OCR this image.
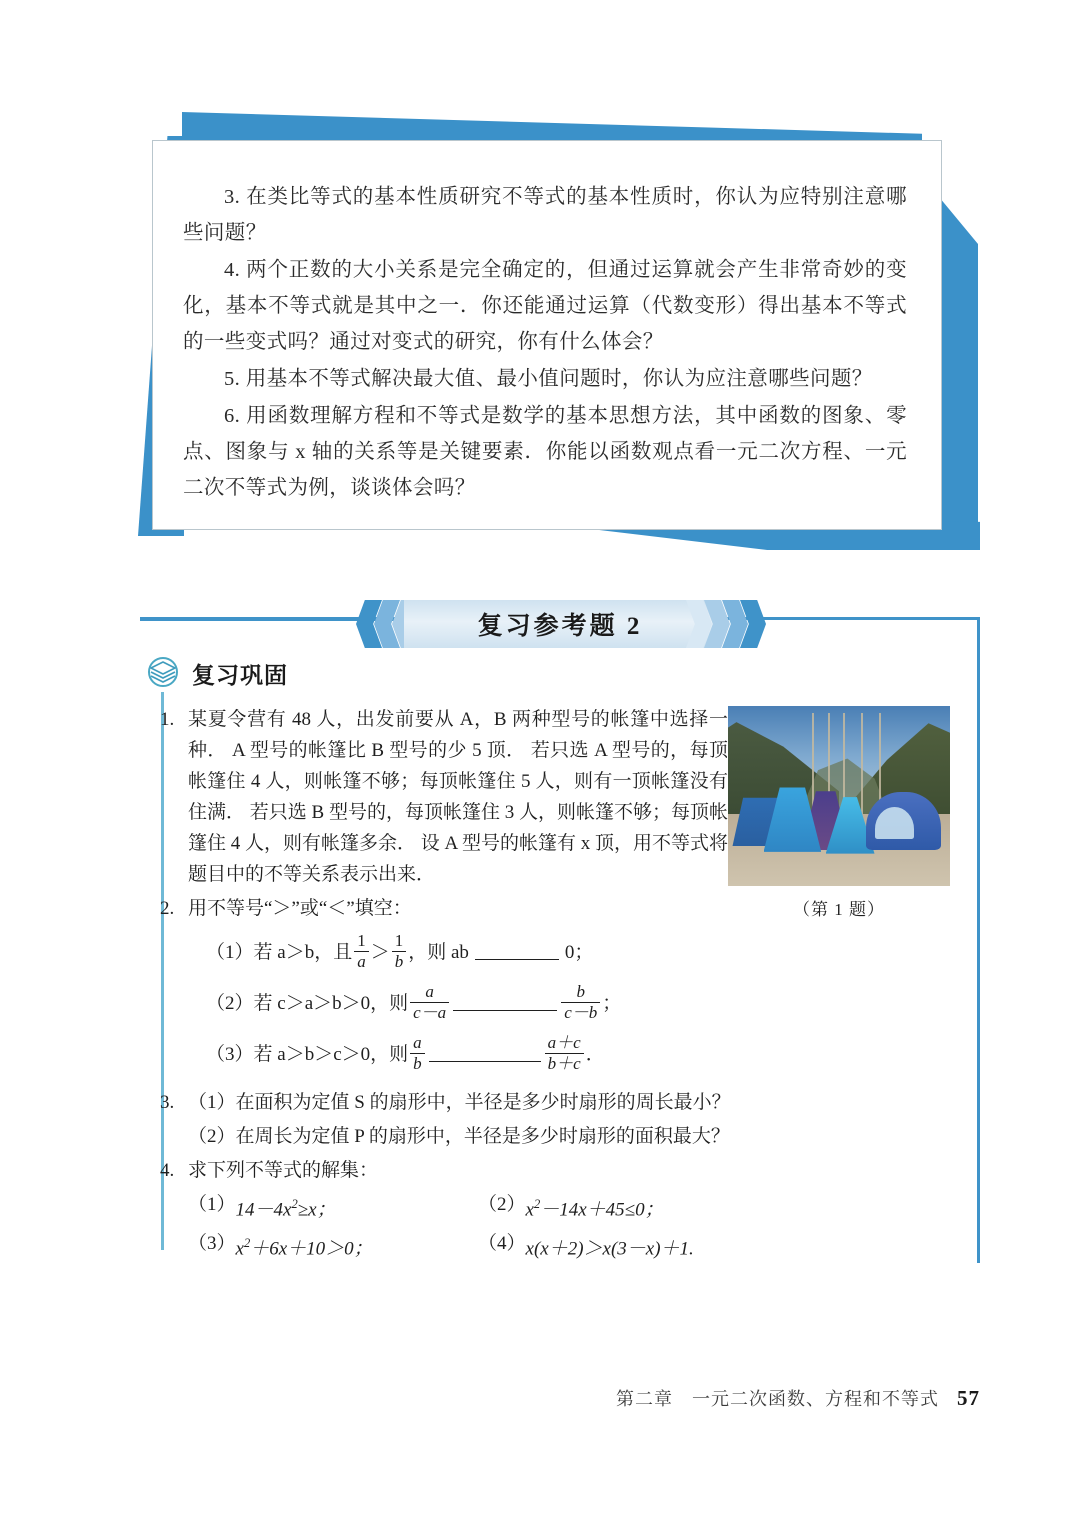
3. 在类比等式的基本性质研究不等式的基本性质时，你认为应特别注意哪些问题？

4. 两个正数的大小关系是完全确定的，但通过运算就会产生非常奇妙的变化，基本不等式就是其中之一．你还能通过运算（代数变形）得出基本不等式的一些变式吗？通过对变式的研究，你有什么体会？

5. 用基本不等式解决最大值、最小值问题时，你认为应注意哪些问题？

6. 用函数理解方程和不等式是数学的基本思想方法，其中函数的图象、零点、图象与 x 轴的关系等是关键要素．你能以函数观点看一元二次方程、一元二次不等式为例，谈谈体会吗？

复习参考题 2
复习巩固
1. 某夏令营有 48 人，出发前要从 A，B 两种型号的帐篷中选择一种． A 型号的帐篷比 B 型号的少 5 顶． 若只选 A 型号的，每顶帐篷住 4 人，则帐篷不够；每顶帐篷住 5 人，则有一顶帐篷没有住满． 若只选 B 型号的，每顶帐篷住 3 人，则帐篷不够；每顶帐篷住 4 人，则有帐篷多余． 设 A 型号的帐篷有 x 顶，用不等式将题目中的不等关系表示出来．
2. 用不等号“＞”或“＜”填空：
（1） 若 a＞b，且 $\frac{1}{a} > \frac{1}{b}$ ，则 ab	0；
（2） 若 c＞a＞b＞0，则 $\frac{a}{c-a}$	$\frac{b}{c-b}$ ；
（3） 若 a＞b＞c＞0，则 $\frac{a}{b}$	$\frac{a+c}{b+c}$ ．
3. （1） 在面积为定值 S 的扇形中，半径是多少时扇形的周长最小？
（2） 在周长为定值 P 的扇形中，半径是多少时扇形的面积最大？
4. 求下列不等式的解集：
（1） $14-4x^2\ge x$；	（2） $x^2-14x+45\le 0$；
（3） $x^2+6x+10>0$；	（4） x(x＋2)＞x(3－x)＋1.
（第 1 题）
第二章　一元二次函数、方程和不等式 57
